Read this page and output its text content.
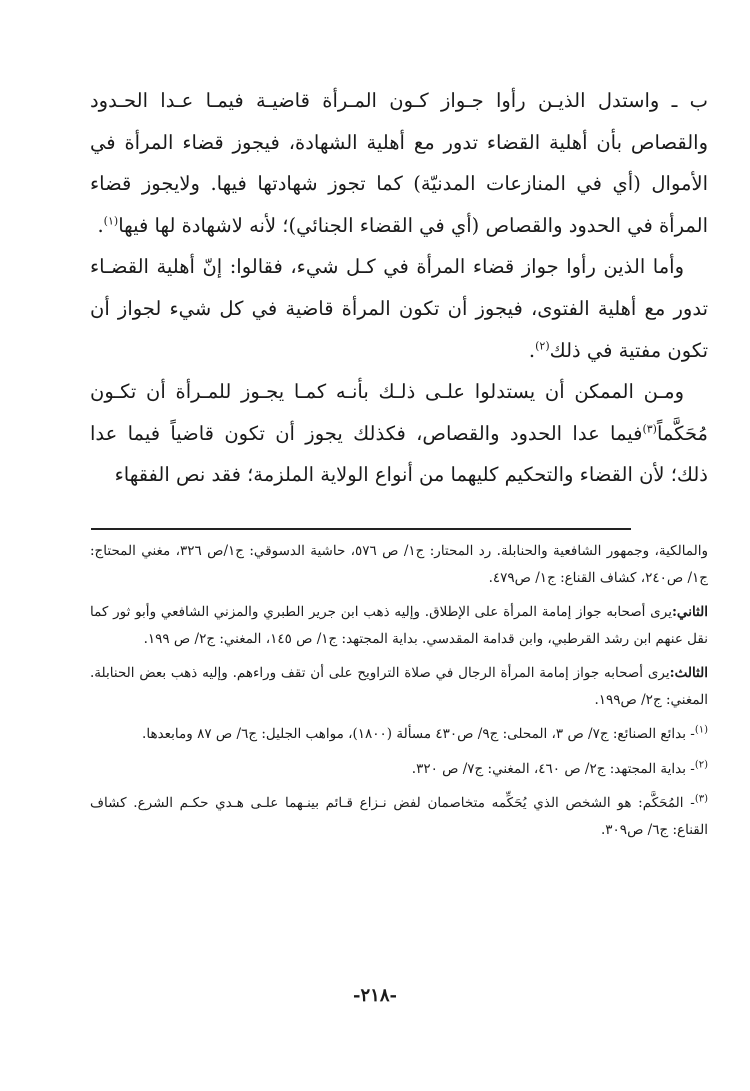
ب ـ واستدل الذيـن رأوا جـواز كـون المـرأة قاضيـة فيمـا عـدا الحـدود والقصاص بأن أهلية القضاء تدور مع أهلية الشهادة، فيجوز قضاء المرأة في الأموال (أي في المنازعات المدنيّة) كما تجوز شهادتها فيها. ولايجوز قضاء المرأة في الحدود والقصاص (أي في القضاء الجنائي)؛ لأنه لاشهادة لها فيها$^{(١)}$.

وأما الذين رأوا جواز قضاء المرأة في كـل شيء، فقالوا: إنّ أهلية القضـاء تدور مع أهلية الفتوى، فيجوز أن تكون المرأة قاضية في كل شيء لجواز أن تكون مفتية في ذلك$^{(٢)}$.

ومـن الممكن أن يستدلوا علـى ذلـك بأنـه كمـا يجـوز للمـرأة أن تكـون مُحَكَّماً$^{(٣)}$فيما عدا الحدود والقصاص، فكذلك يجوز أن تكون قاضياً فيما عدا ذلك؛ لأن القضاء والتحكيم كليهما من أنواع الولاية الملزمة؛ فقد نص الفقهاء

والمالكية، وجمهور الشافعية والحنابلة. رد المحتار: ج١/ ص ٥٧٦، حاشية الدسوقي: ج١/ص ٣٢٦، مغني المحتاج: ج١/ ص٢٤٠، كشاف القناع: ج١/ ص٤٧٩.

الثاني:يرى أصحابه جواز إمامة المرأة على الإطلاق. وإليه ذهب ابن جرير الطبري والمزني الشافعي وأبو ثور كما نقل عنهم ابن رشد القرطبي، وابن قدامة المقدسي. بداية المجتهد: ج١/ ص ١٤٥، المغني: ج٢/ ص ١٩٩.

الثالث:يرى أصحابه جواز إمامة المرأة الرجال في صلاة التراويح على أن تقف وراءهم. وإليه ذهب بعض الحنابلة. المغني: ج٢/ ص١٩٩.

$^{(١)}$- بدائع الصنائع: ج٧/ ص ٣، المحلى: ج٩/ ص٤٣٠ مسألة (١٨٠٠)، مواهب الجليل: ج٦/ ص ٨٧ ومابعدها.

$^{(٢)}$- بداية المجتهد: ج٢/ ص ٤٦٠، المغني: ج٧/ ص ٣٢٠.

$^{(٣)}$- المُحَكَّم: هو الشخص الذي يُحَكِّمه متخاصمان لفض نـزاع قـائم بينـهما علـى هـدي حكـم الشرع. كشاف القناع: ج٦/ ص٣٠٩.

-٢١٨-
